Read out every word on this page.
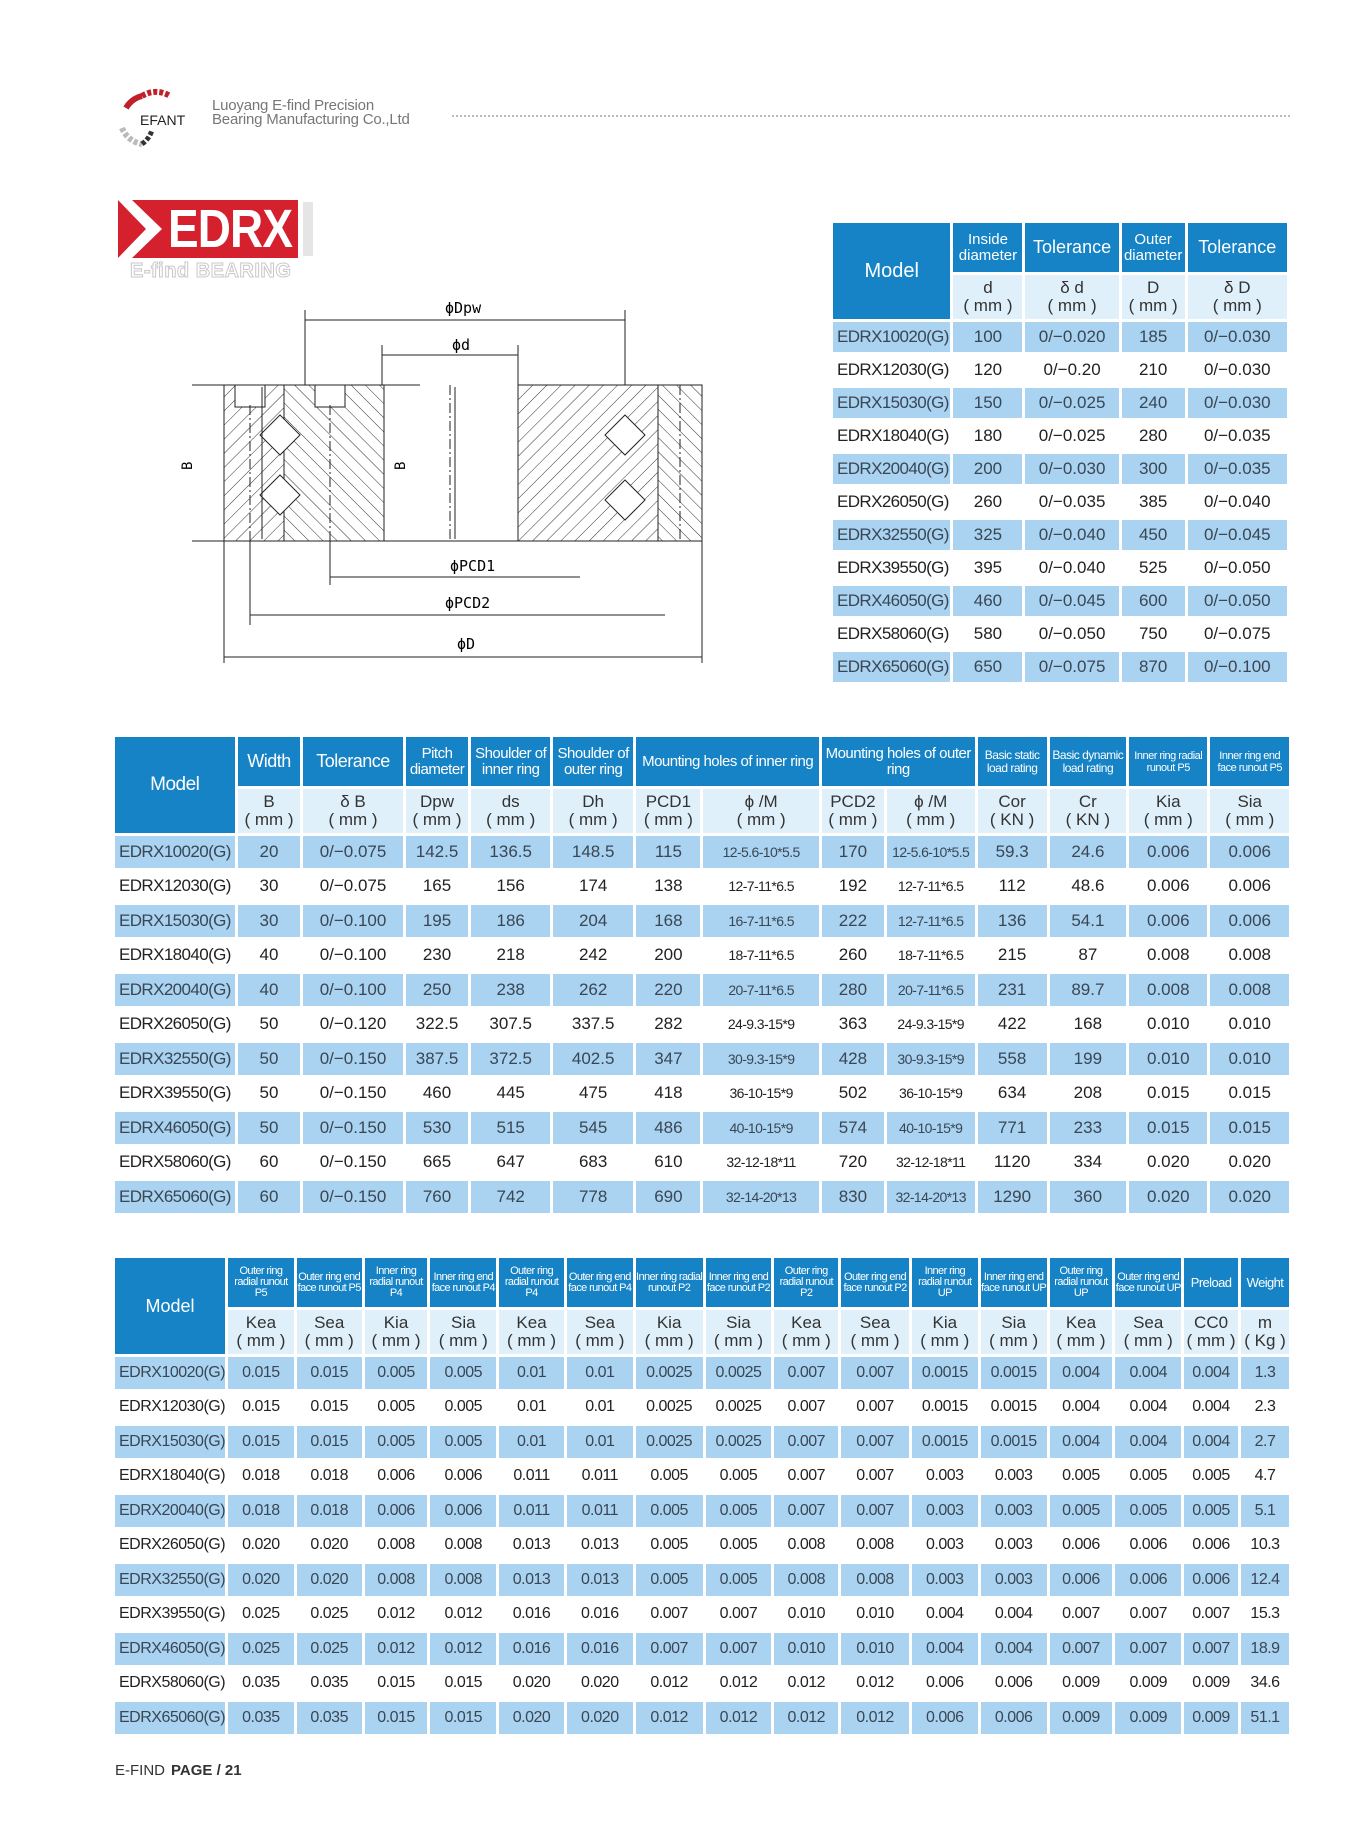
EFANT
Luoyang E-find Precision
Bearing Manufacturing Co.,Ltd
EDRX
E-find BEARING
B	B
ϕDpw
ϕd
ϕPCD1
ϕPCD2
ϕD
Model	Inside diameter	Tolerance	Outer diameter	Tolerance

d
( mm )

δ d
( mm )

D
( mm )

δ D
( mm )

EDRX10020(G)	100	0/−0.020	185	0/−0.030
EDRX12030(G)	120	0/−0.20	210	0/−0.030
EDRX15030(G)	150	0/−0.025	240	0/−0.030
EDRX18040(G)	180	0/−0.025	280	0/−0.035
EDRX20040(G)	200	0/−0.030	300	0/−0.035
EDRX26050(G)	260	0/−0.035	385	0/−0.040
EDRX32550(G)	325	0/−0.040	450	0/−0.045
EDRX39550(G)	395	0/−0.040	525	0/−0.050
EDRX46050(G)	460	0/−0.045	600	0/−0.050
EDRX58060(G)	580	0/−0.050	750	0/−0.075
EDRX65060(G)	650	0/−0.075	870	0/−0.100
Model	Width	Tolerance	Pitch diameter	Shoulder of inner ring	Shoulder of outer ring	Mounting holes of inner ring		Mounting holes of outer ring		Basic static load rating	Basic dynamic load rating	Inner ring radial runout P5	Inner ring end face runout P5

B
( mm )

δ B
( mm )

Dpw
( mm )

ds
( mm )

Dh
( mm )

PCD1
( mm )

ϕ /M
( mm )

PCD2
( mm )

ϕ /M
( mm )

Cor
( KN )

Cr
( KN )

Kia
( mm )

Sia
( mm )

EDRX10020(G)	20	0/−0.075	142.5	136.5	148.5	115	12-5.6-10*5.5	170	12-5.6-10*5.5	59.3	24.6	0.006	0.006
EDRX12030(G)	30	0/−0.075	165	156	174	138	12-7-11*6.5	192	12-7-11*6.5	112	48.6	0.006	0.006
EDRX15030(G)	30	0/−0.100	195	186	204	168	16-7-11*6.5	222	12-7-11*6.5	136	54.1	0.006	0.006
EDRX18040(G)	40	0/−0.100	230	218	242	200	18-7-11*6.5	260	18-7-11*6.5	215	87	0.008	0.008
EDRX20040(G)	40	0/−0.100	250	238	262	220	20-7-11*6.5	280	20-7-11*6.5	231	89.7	0.008	0.008
EDRX26050(G)	50	0/−0.120	322.5	307.5	337.5	282	24-9.3-15*9	363	24-9.3-15*9	422	168	0.010	0.010
EDRX32550(G)	50	0/−0.150	387.5	372.5	402.5	347	30-9.3-15*9	428	30-9.3-15*9	558	199	0.010	0.010
EDRX39550(G)	50	0/−0.150	460	445	475	418	36-10-15*9	502	36-10-15*9	634	208	0.015	0.015
EDRX46050(G)	50	0/−0.150	530	515	545	486	40-10-15*9	574	40-10-15*9	771	233	0.015	0.015
EDRX58060(G)	60	0/−0.150	665	647	683	610	32-12-18*11	720	32-12-18*11	1120	334	0.020	0.020
EDRX65060(G)	60	0/−0.150	760	742	778	690	32-14-20*13	830	32-14-20*13	1290	360	0.020	0.020
Model	Outer ring radial runout P5	Outer ring end face runout P5	Inner ring radial runout P4	Inner ring end face runout P4	Outer ring radial runout P4	Outer ring end face runout P4	Inner ring radial runout P2	Inner ring end face runout P2	Outer ring radial runout P2	Outer ring end face runout P2	Inner ring radial runout UP	Inner ring end face runout UP	Outer ring radial runout UP	Outer ring end face runout UP	Preload	Weight

Kea
( mm )

Sea
( mm )

Kia
( mm )

Sia
( mm )

Kea
( mm )

Sea
( mm )

Kia
( mm )

Sia
( mm )

Kea
( mm )

Sea
( mm )

Kia
( mm )

Sia
( mm )

Kea
( mm )

Sea
( mm )

CC0
( mm )

m
( Kg )

EDRX10020(G)	0.015	0.015	0.005	0.005	0.01	0.01	0.0025	0.0025	0.007	0.007	0.0015	0.0015	0.004	0.004	0.004	1.3
EDRX12030(G)	0.015	0.015	0.005	0.005	0.01	0.01	0.0025	0.0025	0.007	0.007	0.0015	0.0015	0.004	0.004	0.004	2.3
EDRX15030(G)	0.015	0.015	0.005	0.005	0.01	0.01	0.0025	0.0025	0.007	0.007	0.0015	0.0015	0.004	0.004	0.004	2.7
EDRX18040(G)	0.018	0.018	0.006	0.006	0.011	0.011	0.005	0.005	0.007	0.007	0.003	0.003	0.005	0.005	0.005	4.7
EDRX20040(G)	0.018	0.018	0.006	0.006	0.011	0.011	0.005	0.005	0.007	0.007	0.003	0.003	0.005	0.005	0.005	5.1
EDRX26050(G)	0.020	0.020	0.008	0.008	0.013	0.013	0.005	0.005	0.008	0.008	0.003	0.003	0.006	0.006	0.006	10.3
EDRX32550(G)	0.020	0.020	0.008	0.008	0.013	0.013	0.005	0.005	0.008	0.008	0.003	0.003	0.006	0.006	0.006	12.4
EDRX39550(G)	0.025	0.025	0.012	0.012	0.016	0.016	0.007	0.007	0.010	0.010	0.004	0.004	0.007	0.007	0.007	15.3
EDRX46050(G)	0.025	0.025	0.012	0.012	0.016	0.016	0.007	0.007	0.010	0.010	0.004	0.004	0.007	0.007	0.007	18.9
EDRX58060(G)	0.035	0.035	0.015	0.015	0.020	0.020	0.012	0.012	0.012	0.012	0.006	0.006	0.009	0.009	0.009	34.6
EDRX65060(G)	0.035	0.035	0.015	0.015	0.020	0.020	0.012	0.012	0.012	0.012	0.006	0.006	0.009	0.009	0.009	51.1
E-FIND PAGE / 21
